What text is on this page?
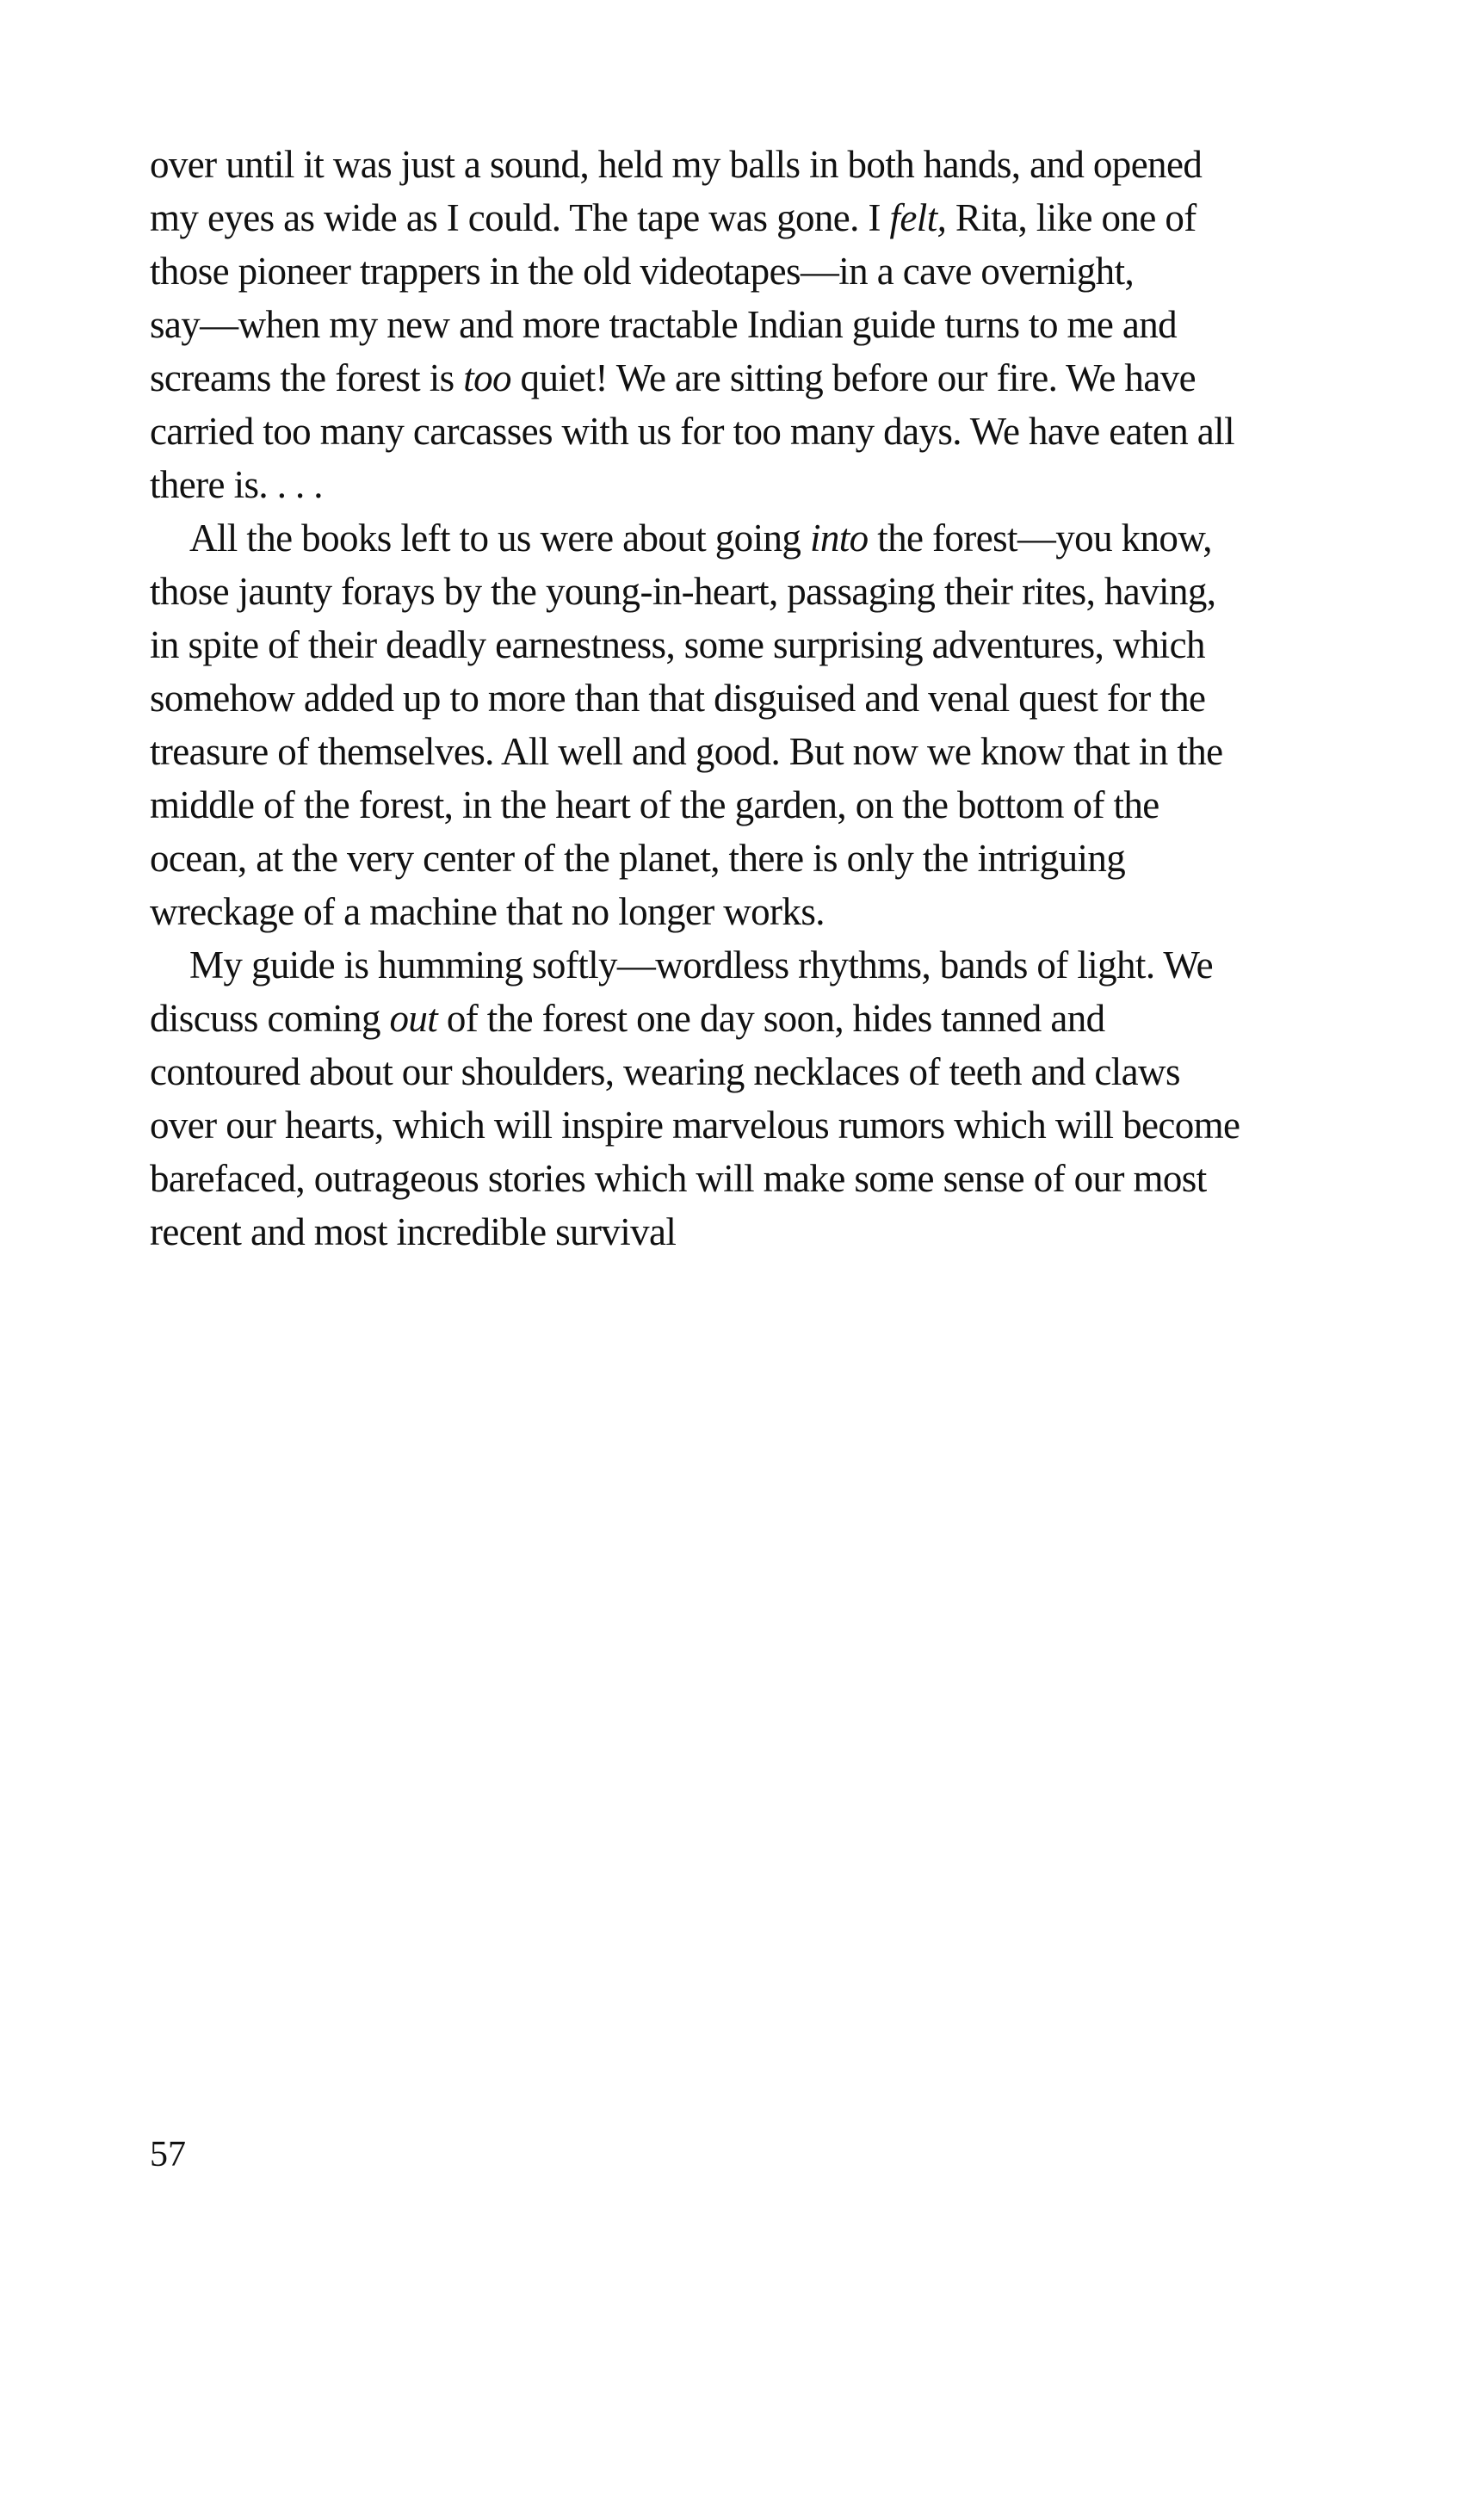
over until it was just a sound, held my balls in both hands, and opened
my eyes as wide as I could. The tape was gone. I felt, Rita, like one of
those pioneer trappers in the old videotapes—in a cave overnight,
say—when my new and more tractable Indian guide turns to me and
screams the forest is too quiet! We are sitting before our fire. We have
carried too many carcasses with us for too many days. We have eaten all
there is. . . .
All the books left to us were about going into the forest—you know,
those jaunty forays by the young-in-heart, passaging their rites, having,
in spite of their deadly earnestness, some surprising adventures, which
somehow added up to more than that disguised and venal quest for the
treasure of themselves. All well and good. But now we know that in the
middle of the forest, in the heart of the garden, on the bottom of the
ocean, at the very center of the planet, there is only the intriguing
wreckage of a machine that no longer works.
My guide is humming softly—wordless rhythms, bands of light. We
discuss coming out of the forest one day soon, hides tanned and
contoured about our shoulders, wearing necklaces of teeth and claws
over our hearts, which will inspire marvelous rumors which will become
barefaced, outrageous stories which will make some sense of our most
recent and most incredible survival
57
